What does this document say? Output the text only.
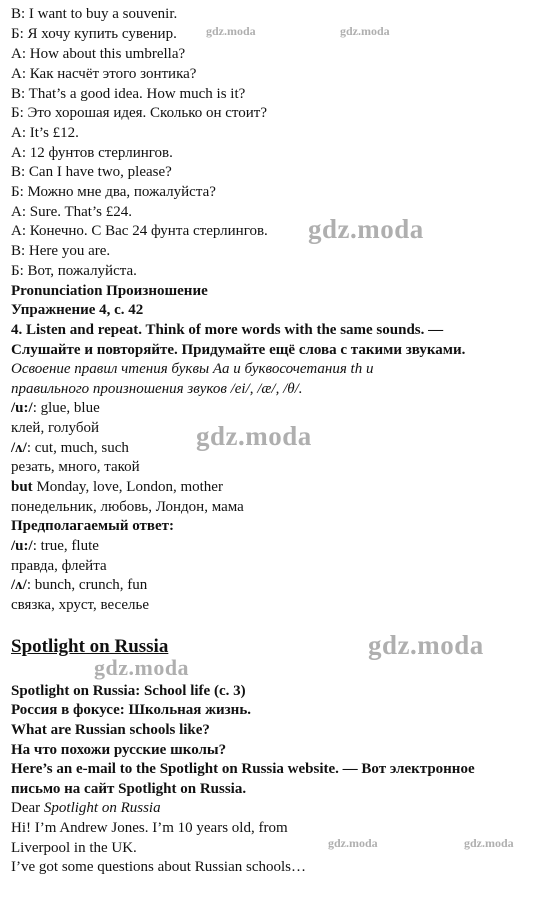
B: I want to buy a souvenir.
Б: Я хочу купить сувенир.
A: How about this umbrella?
А: Как насчёт этого зонтика?
B: That’s a good idea. How much is it?
Б: Это хорошая идея. Сколько он стоит?
A: It’s £12.
А: 12 фунтов стерлингов.
B: Can I have two, please?
Б: Можно мне два, пожалуйста?
A: Sure. That’s £24.
А: Конечно. С Вас 24 фунта стерлингов.
B: Here you are.
Б: Вот, пожалуйста.
Pronunciation Произношение
Упражнение 4, с. 42
4. Listen and repeat. Think of more words with the same sounds. —
Слушайте и повторяйте. Придумайте ещё слова с такими звуками.
Освоение правил чтения буквы Aa и буквосочетания th и
правильного произношения звуков /ei/, /æ/, /θ/.
/u:/: glue, blue
клей, голубой
/ʌ/: cut, much, such
резать, много, такой
but Monday, love, London, mother
понедельник, любовь, Лондон, мама
Предполагаемый ответ:
/u:/: true, flute
правда, флейта
/ʌ/: bunch, crunch, fun
связка, хруст, веселье
Spotlight on Russia
Spotlight on Russia: School life (c. 3)
Россия в фокусе: Школьная жизнь.
What are Russian schools like?
На что похожи русские школы?
Here’s an e-mail to the Spotlight on Russia website. — Вот электронное
письмо на сайт Spotlight on Russia.
Dear Spotlight on Russia
Hi! I’m Andrew Jones. I’m 10 years old, from
Liverpool in the UK.
I’ve got some questions about Russian schools…
gdz.moda	gdz.moda
gdz.moda
gdz.moda
gdz.moda
gdz.moda
gdz.moda	gdz.moda
